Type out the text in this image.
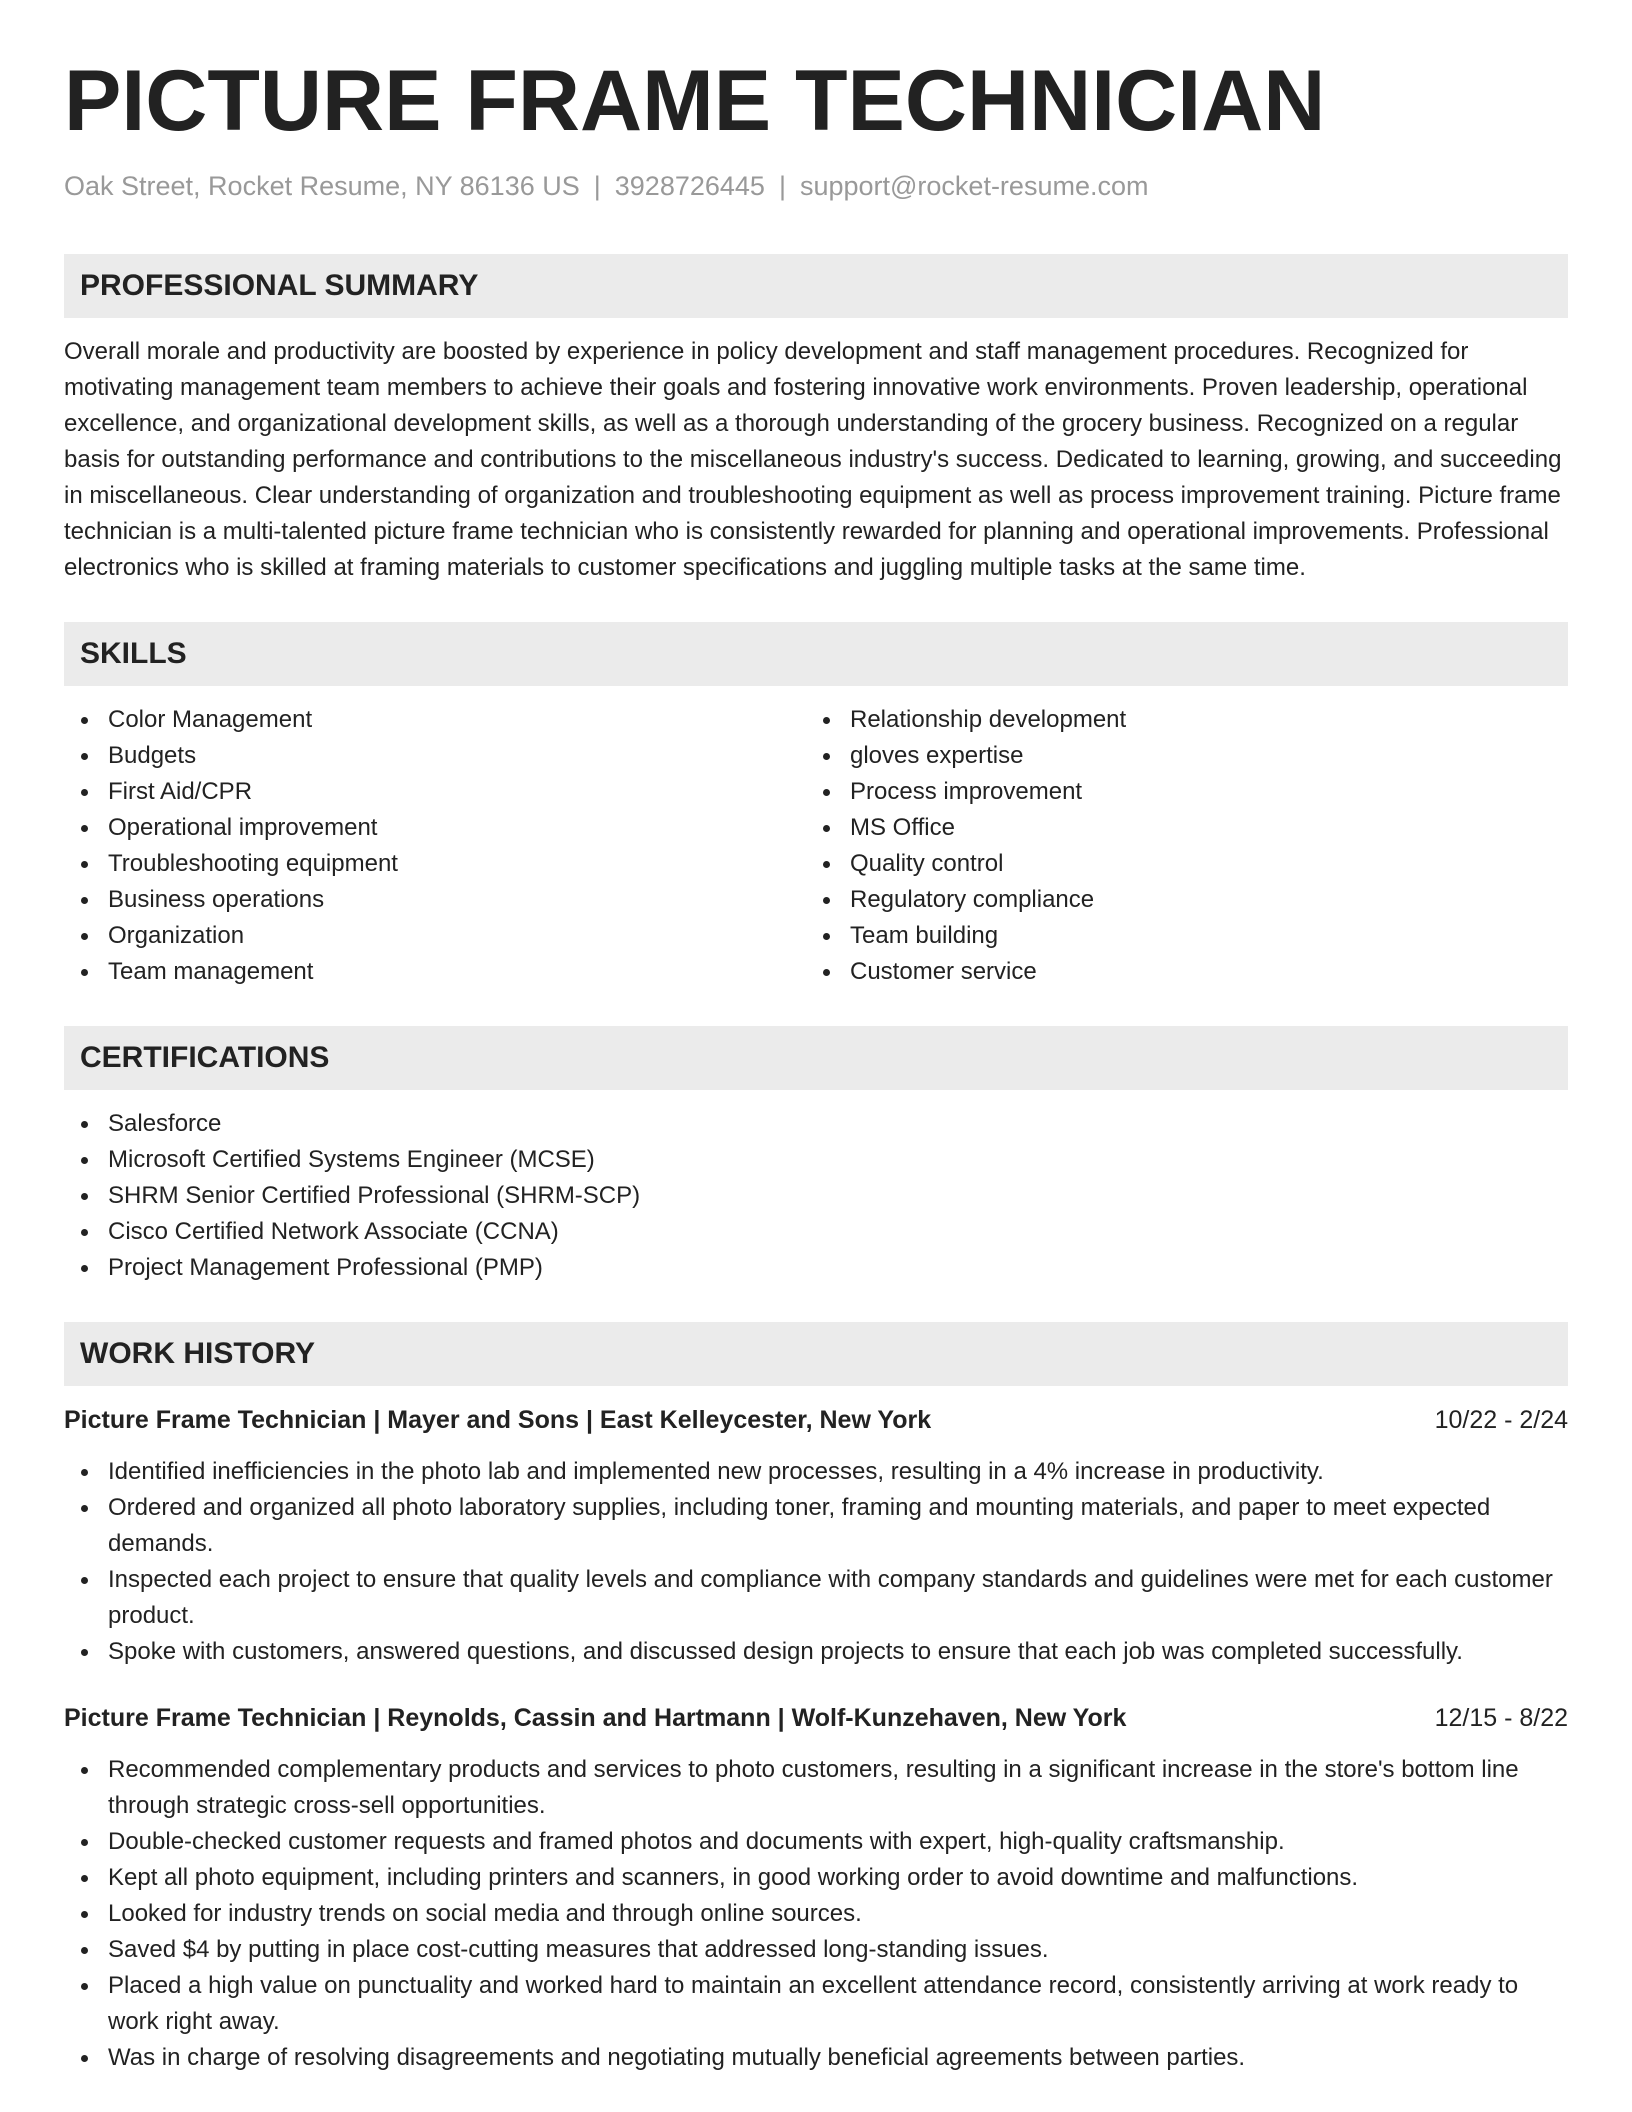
PICTURE FRAME TECHNICIAN
Oak Street, Rocket Resume, NY 86136 US | 3928726445 | support@rocket-resume.com
PROFESSIONAL SUMMARY
Overall morale and productivity are boosted by experience in policy development and staff management procedures. Recognized for motivating management team members to achieve their goals and fostering innovative work environments. Proven leadership, operational excellence, and organizational development skills, as well as a thorough understanding of the grocery business. Recognized on a regular basis for outstanding performance and contributions to the miscellaneous industry's success. Dedicated to learning, growing, and succeeding in miscellaneous. Clear understanding of organization and troubleshooting equipment as well as process improvement training. Picture frame technician is a multi-talented picture frame technician who is consistently rewarded for planning and operational improvements. Professional electronics who is skilled at framing materials to customer specifications and juggling multiple tasks at the same time.
SKILLS
Color Management
Budgets
First Aid/CPR
Operational improvement
Troubleshooting equipment
Business operations
Organization
Team management
Relationship development
gloves expertise
Process improvement
MS Office
Quality control
Regulatory compliance
Team building
Customer service
CERTIFICATIONS
Salesforce
Microsoft Certified Systems Engineer (MCSE)
SHRM Senior Certified Professional (SHRM-SCP)
Cisco Certified Network Associate (CCNA)
Project Management Professional (PMP)
WORK HISTORY
Picture Frame Technician | Mayer and Sons | East Kelleycester, New York	10/22 - 2/24
Identified inefficiencies in the photo lab and implemented new processes, resulting in a 4% increase in productivity.
Ordered and organized all photo laboratory supplies, including toner, framing and mounting materials, and paper to meet expected demands.
Inspected each project to ensure that quality levels and compliance with company standards and guidelines were met for each customer product.
Spoke with customers, answered questions, and discussed design projects to ensure that each job was completed successfully.
Picture Frame Technician | Reynolds, Cassin and Hartmann | Wolf-Kunzehaven, New York	12/15 - 8/22
Recommended complementary products and services to photo customers, resulting in a significant increase in the store's bottom line through strategic cross-sell opportunities.
Double-checked customer requests and framed photos and documents with expert, high-quality craftsmanship.
Kept all photo equipment, including printers and scanners, in good working order to avoid downtime and malfunctions.
Looked for industry trends on social media and through online sources.
Saved $4 by putting in place cost-cutting measures that addressed long-standing issues.
Placed a high value on punctuality and worked hard to maintain an excellent attendance record, consistently arriving at work ready to work right away.
Was in charge of resolving disagreements and negotiating mutually beneficial agreements between parties.
